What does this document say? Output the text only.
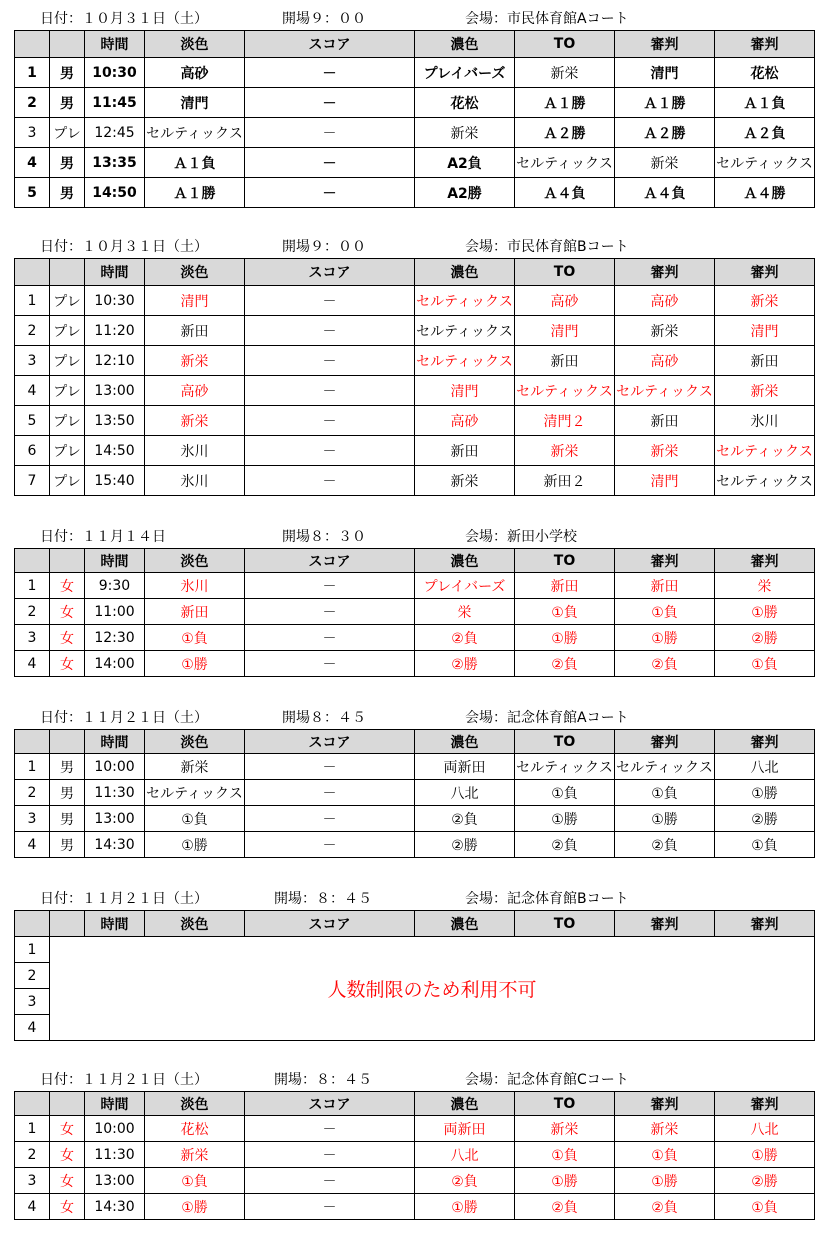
日付：１０月３１日（土）	開場９：００	会場：市民体育館Aコート
		時間	淡色	スコア	濃色	TO	審判	審判
1	男	10:30	高砂	－	プレイバーズ	新栄	清門	花松
2	男	11:45	清門	－	花松	Ａ１勝	Ａ１勝	Ａ１負
3	プレ	12:45	セルティックス	－	新栄	Ａ２勝	Ａ２勝	Ａ２負
4	男	13:35	Ａ１負	－	A2負	セルティックス	新栄	セルティックス
5	男	14:50	Ａ１勝	－	A2勝	Ａ４負	Ａ４負	Ａ４勝
日付：１０月３１日（土）	開場９：００	会場：市民体育館Bコート
		時間	淡色	スコア	濃色	TO	審判	審判
1	プレ	10:30	清門	－	セルティックス	高砂	高砂	新栄
2	プレ	11:20	新田	－	セルティックス	清門	新栄	清門
3	プレ	12:10	新栄	－	セルティックス	新田	高砂	新田
4	プレ	13:00	高砂	－	清門	セルティックス	セルティックス	新栄
5	プレ	13:50	新栄	－	高砂	清門２	新田	氷川
6	プレ	14:50	氷川	－	新田	新栄	新栄	セルティックス
7	プレ	15:40	氷川	－	新栄	新田２	清門	セルティックス
日付：１１月１４日	開場８：３０	会場：新田小学校
		時間	淡色	スコア	濃色	TO	審判	審判
1	女	9:30	氷川	－	プレイバーズ	新田	新田	栄
2	女	11:00	新田	－	栄	①負	①負	①勝
3	女	12:30	①負	－	②負	①勝	①勝	②勝
4	女	14:00	①勝	－	②勝	②負	②負	①負
日付：１１月２１日（土）	開場８：４５	会場：記念体育館Aコート
		時間	淡色	スコア	濃色	TO	審判	審判
1	男	10:00	新栄	－	両新田	セルティックス	セルティックス	八北
2	男	11:30	セルティックス	－	八北	①負	①負	①勝
3	男	13:00	①負	－	②負	①勝	①勝	②勝
4	男	14:30	①勝	－	②勝	②負	②負	①負
日付：１１月２１日（土）	開場：８：４５	会場：記念体育館Bコート
		時間	淡色	スコア	濃色	TO	審判	審判
1	人数制限のため利用不可							
2								
3								
4								
日付：１１月２１日（土）	開場：８：４５	会場：記念体育館Cコート
		時間	淡色	スコア	濃色	TO	審判	審判
1	女	10:00	花松	－	両新田	新栄	新栄	八北
2	女	11:30	新栄	－	八北	①負	①負	①勝
3	女	13:00	①負	－	②負	①勝	①勝	②勝
4	女	14:30	①勝	－	①勝	②負	②負	①負
